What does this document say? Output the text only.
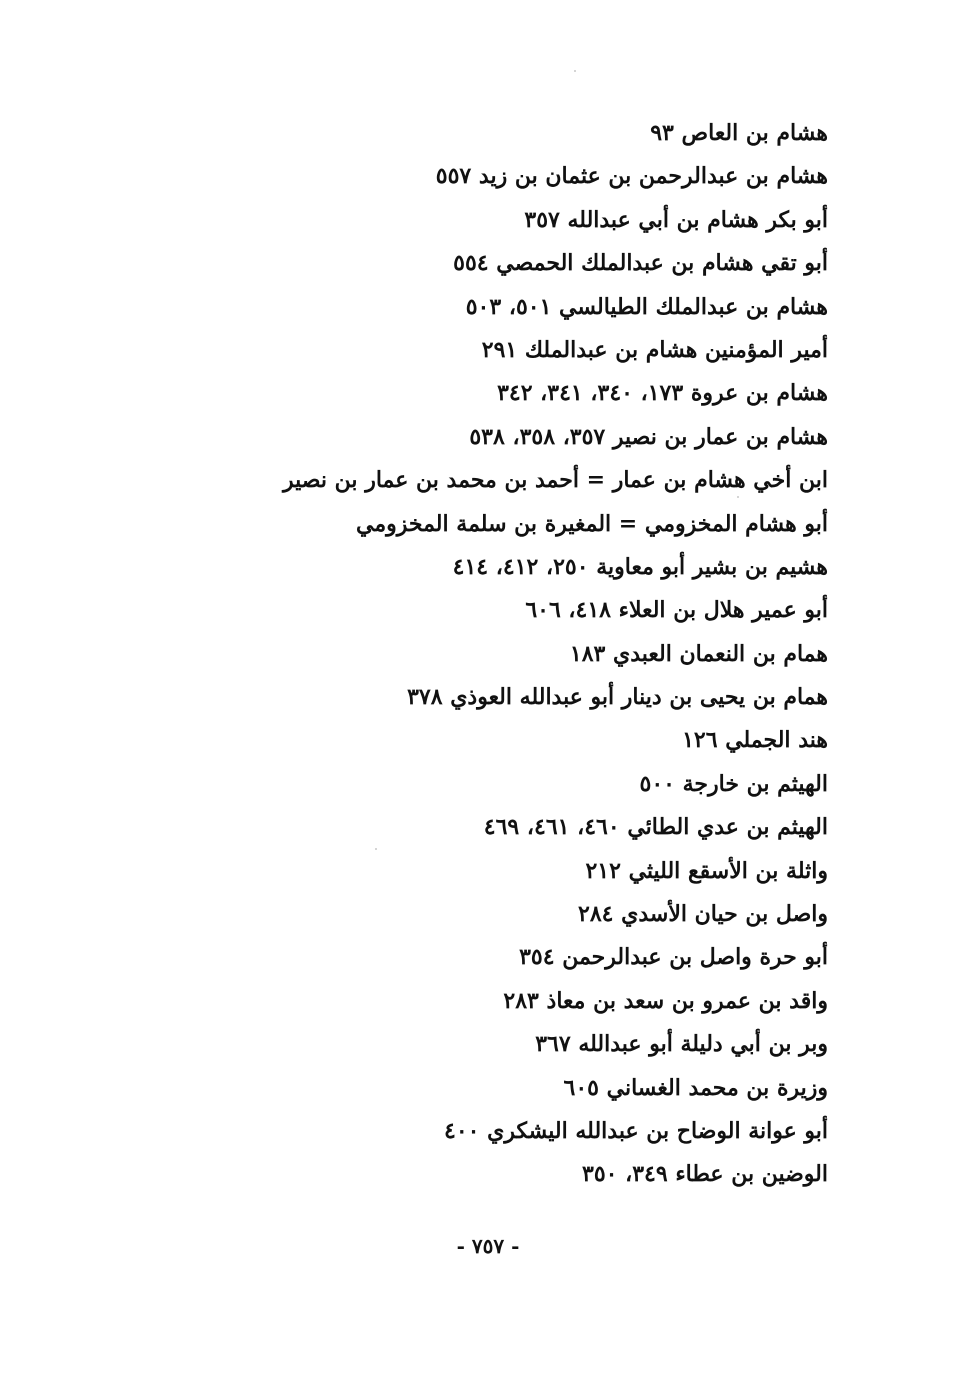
هشام بن العاص ٩٣
هشام بن عبدالرحمن بن عثمان بن زيد ٥٥٧
أبو بكر هشام بن أبي عبدالله ٣٥٧
أبو تقي هشام بن عبدالملك الحمصي ٥٥٤
هشام بن عبدالملك الطيالسي ٥٠١، ٥٠٣
أمير المؤمنين هشام بن عبدالملك ٢٩١
هشام بن عروة ١٧٣، ٣٤٠، ٣٤١، ٣٤٢
هشام بن عمار بن نصير ٣٥٧، ٣٥٨، ٥٣٨
ابن أخي هشام بن عمار = أحمد بن محمد بن عمار بن نصير
أبو هشام المخزومي = المغيرة بن سلمة المخزومي
هشيم بن بشير أبو معاوية ٢٥٠، ٤١٢، ٤١٤
أبو عمير هلال بن العلاء ٤١٨، ٦٠٦
همام بن النعمان العبدي ١٨٣
همام بن يحيى بن دينار أبو عبدالله العوذي ٣٧٨
هند الجملي ١٢٦
الهيثم بن خارجة ٥٠٠
الهيثم بن عدي الطائي ٤٦٠، ٤٦١، ٤٦٩
واثلة بن الأسقع الليثي ٢١٢
واصل بن حيان الأسدي ٢٨٤
أبو حرة واصل بن عبدالرحمن ٣٥٤
واقد بن عمرو بن سعد بن معاذ ٢٨٣
وبر بن أبي دليلة أبو عبدالله ٣٦٧
وزيرة بن محمد الغساني ٦٠٥
أبو عوانة الوضاح بن عبدالله اليشكري ٤٠٠
الوضين بن عطاء ٣٤٩، ٣٥٠
- ٧٥٧ -
